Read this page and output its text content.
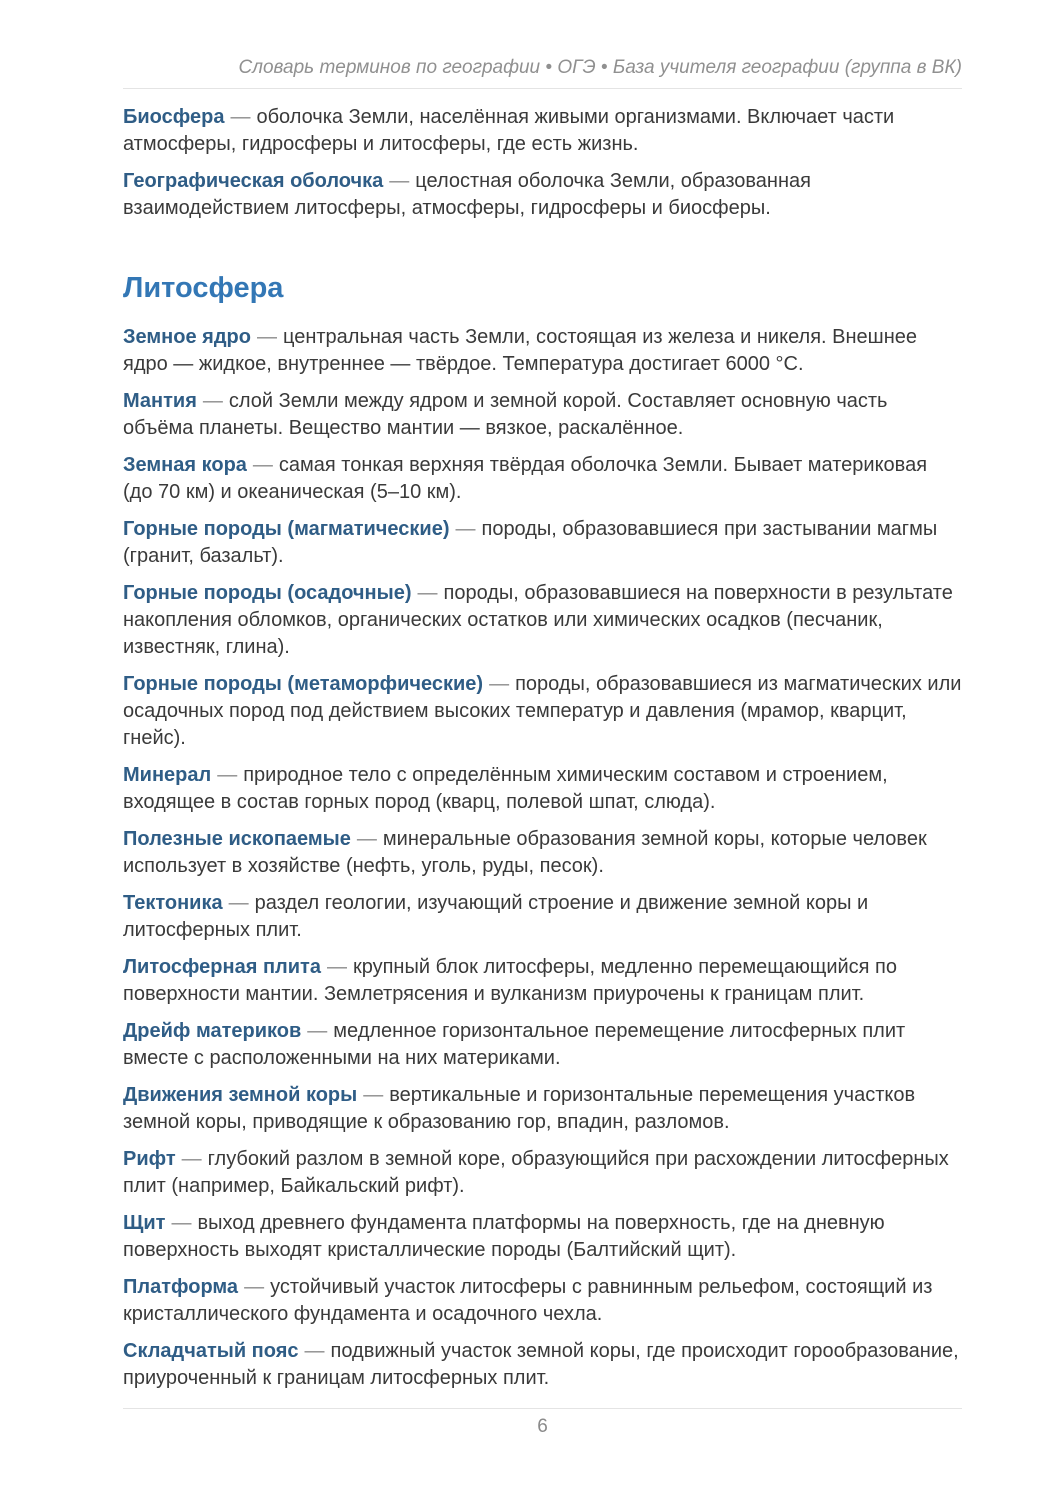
Словарь терминов по географии • ОГЭ • База учителя географии (группа в ВК)

Биосфера — оболочка Земли, населённая живыми организмами. Включает части атмосферы, гидросферы и литосферы, где есть жизнь.

Географическая оболочка — целостная оболочка Земли, образованная взаимодействием литосферы, атмосферы, гидросферы и биосферы.

Литосфера

Земное ядро — центральная часть Земли, состоящая из железа и никеля. Внешнее ядро — жидкое, внутреннее — твёрдое. Температура достигает 6000 °C.

Мантия — слой Земли между ядром и земной корой. Составляет основную часть объёма планеты. Вещество мантии — вязкое, раскалённое.

Земная кора — самая тонкая верхняя твёрдая оболочка Земли. Бывает материковая (до 70 км) и океаническая (5–10 км).

Горные породы (магматические) — породы, образовавшиеся при застывании магмы (гранит, базальт).

Горные породы (осадочные) — породы, образовавшиеся на поверхности в результате накопления обломков, органических остатков или химических осадков (песчаник, известняк, глина).

Горные породы (метаморфические) — породы, образовавшиеся из магматических или осадочных пород под действием высоких температур и давления (мрамор, кварцит, гнейс).

Минерал — природное тело с определённым химическим составом и строением, входящее в состав горных пород (кварц, полевой шпат, слюда).

Полезные ископаемые — минеральные образования земной коры, которые человек использует в хозяйстве (нефть, уголь, руды, песок).

Тектоника — раздел геологии, изучающий строение и движение земной коры и литосферных плит.

Литосферная плита — крупный блок литосферы, медленно перемещающийся по поверхности мантии. Землетрясения и вулканизм приурочены к границам плит.

Дрейф материков — медленное горизонтальное перемещение литосферных плит вместе с расположенными на них материками.

Движения земной коры — вертикальные и горизонтальные перемещения участков земной коры, приводящие к образованию гор, впадин, разломов.

Рифт — глубокий разлом в земной коре, образующийся при расхождении литосферных плит (например, Байкальский рифт).

Щит — выход древнего фундамента платформы на поверхность, где на дневную поверхность выходят кристаллические породы (Балтийский щит).

Платформа — устойчивый участок литосферы с равнинным рельефом, состоящий из кристаллического фундамента и осадочного чехла.

Складчатый пояс — подвижный участок земной коры, где происходит горообразование, приуроченный к границам литосферных плит.

6
